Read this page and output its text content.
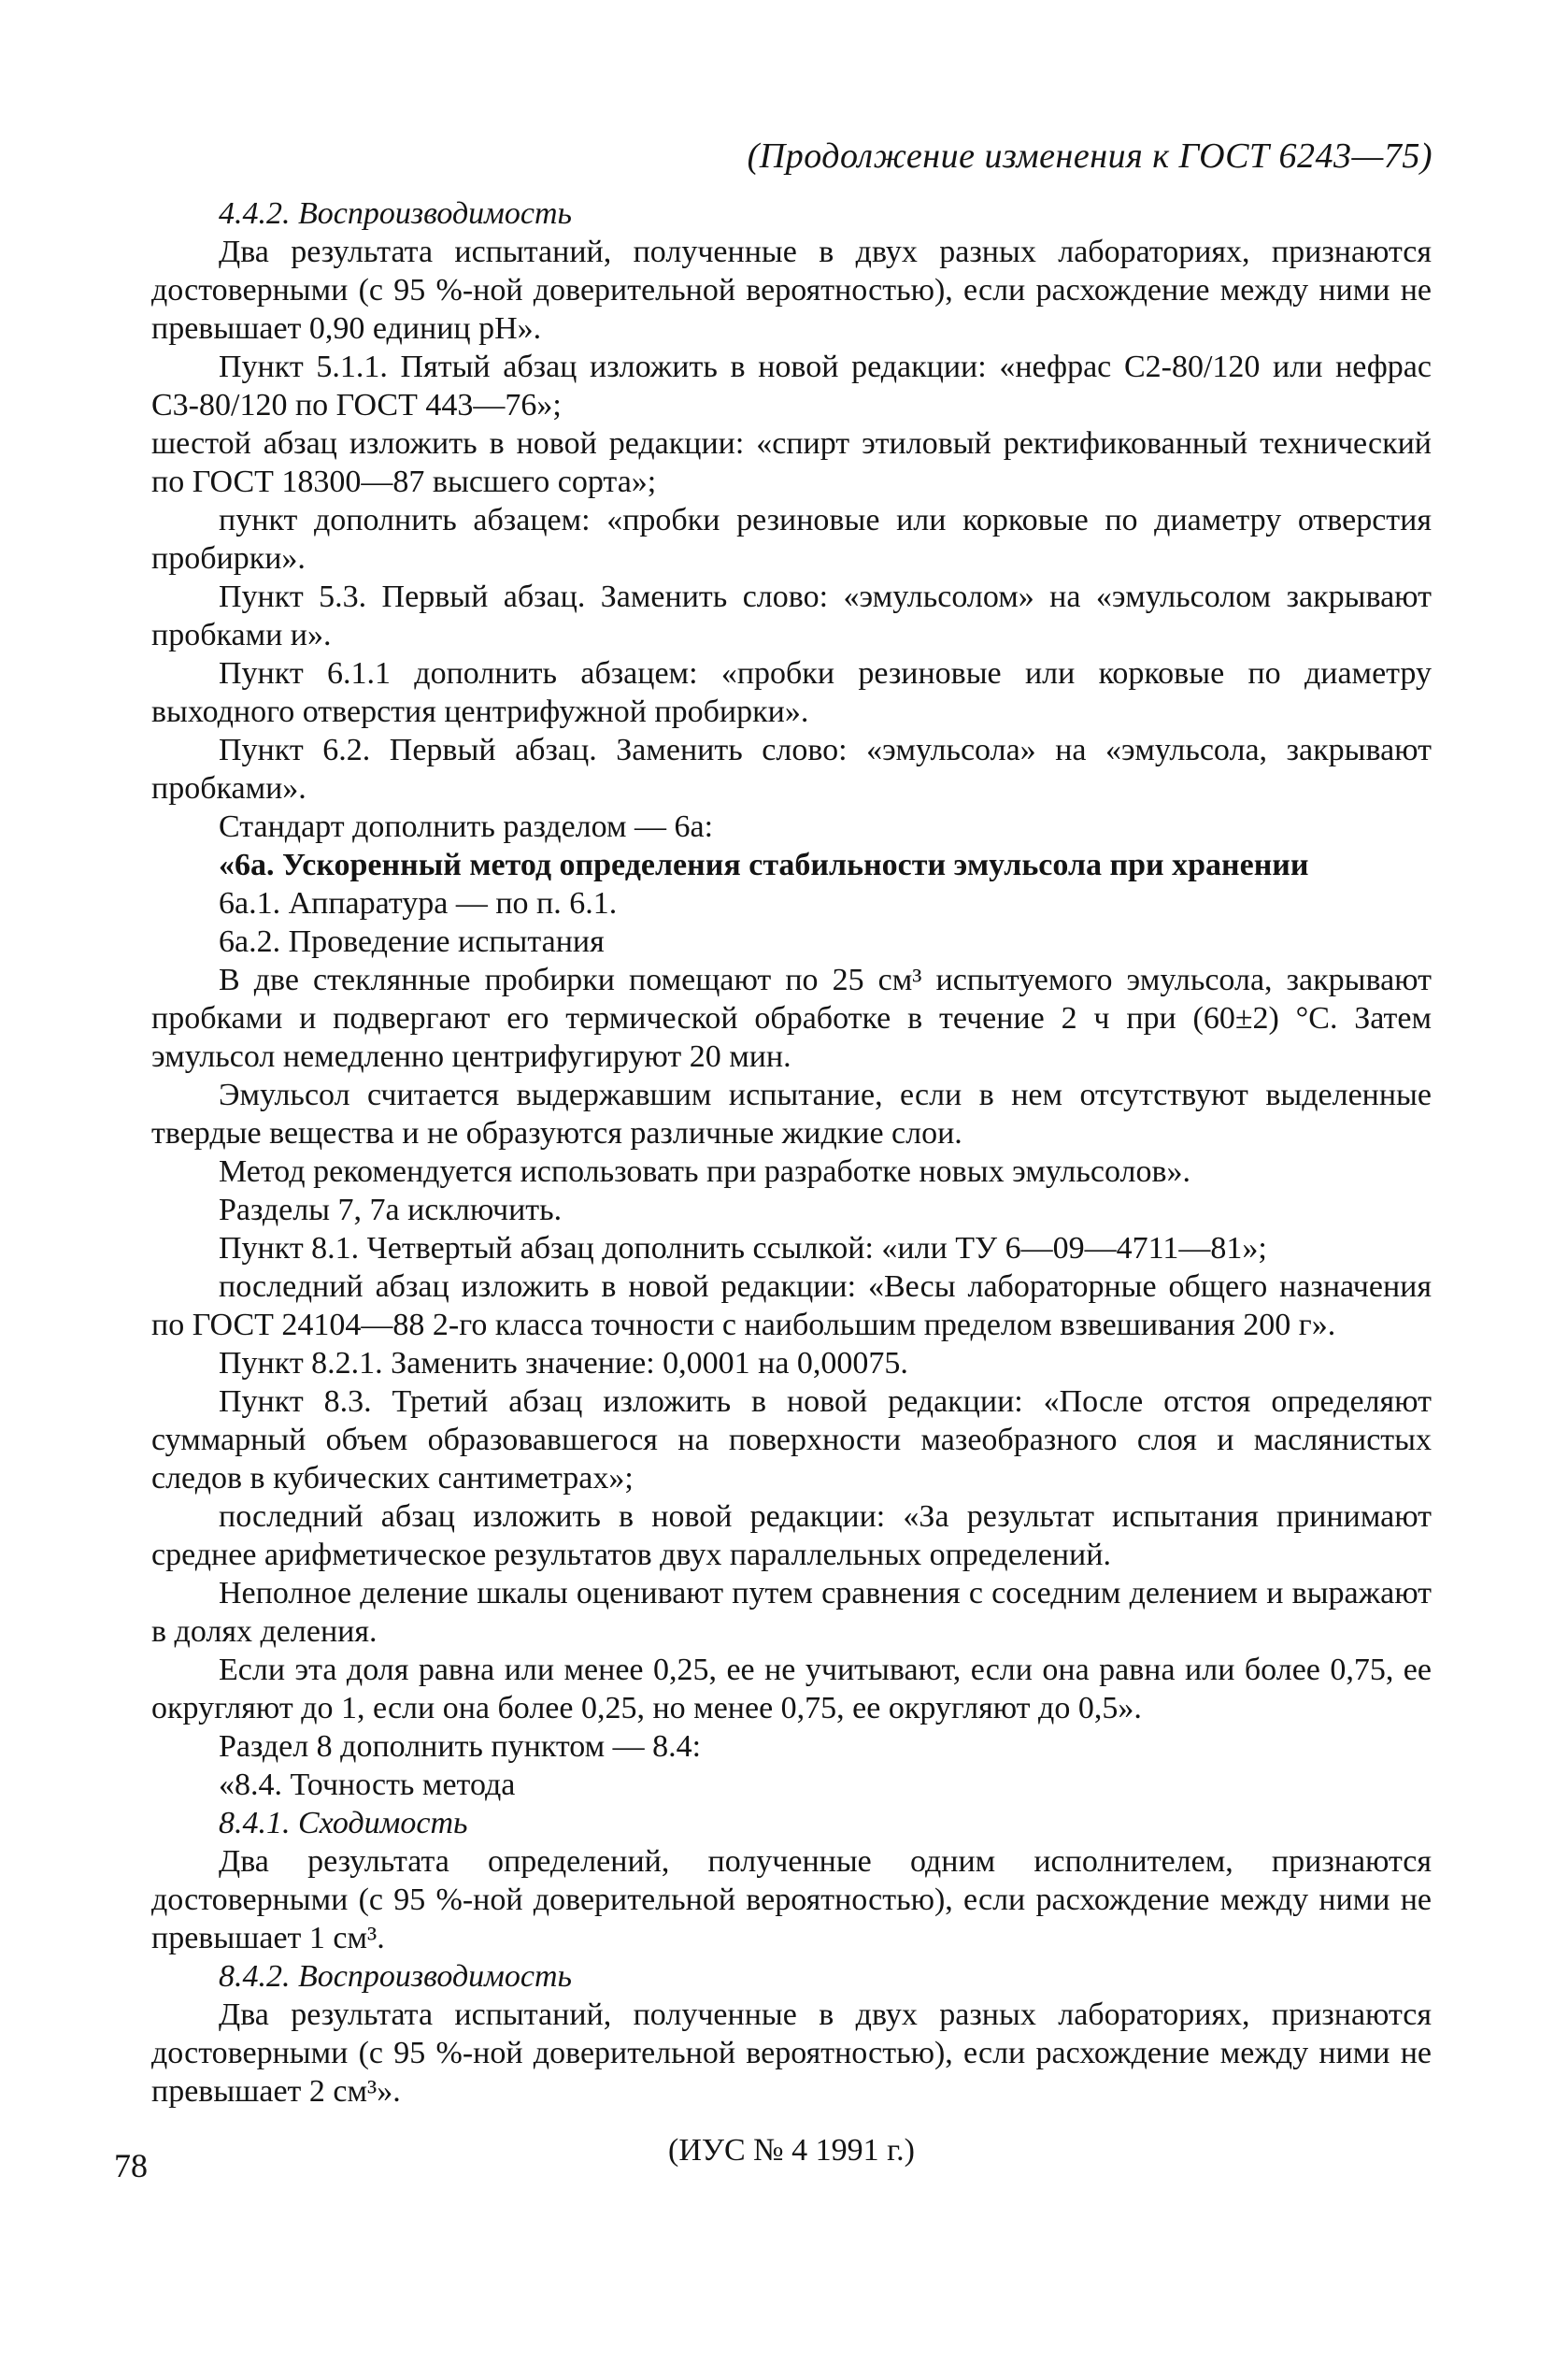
(Продолжение изменения к ГОСТ 6243—75)

4.4.2. Воспроизводимость

Два результата испытаний, полученные в двух разных лабораториях, признаются достоверными (с 95 %-ной доверительной вероятностью), если расхождение между ними не превышает 0,90 единиц рН».

Пункт 5.1.1. Пятый абзац изложить в новой редакции: «нефрас С2-80/120 или нефрас С3-80/120 по ГОСТ 443—76»;

шестой абзац изложить в новой редакции: «спирт этиловый ректификованный технический по ГОСТ 18300—87 высшего сорта»;

пункт дополнить абзацем: «пробки резиновые или корковые по диаметру отверстия пробирки».

Пункт 5.3. Первый абзац. Заменить слово: «эмульсолом» на «эмульсолом закрывают пробками и».

Пункт 6.1.1 дополнить абзацем: «пробки резиновые или корковые по диаметру выходного отверстия центрифужной пробирки».

Пункт 6.2. Первый абзац. Заменить слово: «эмульсола» на «эмульсола, закрывают пробками».

Стандарт дополнить разделом — 6а:

«6а. Ускоренный метод определения стабильности эмульсола при хранении

6а.1. Аппаратура — по п. 6.1.

6а.2. Проведение испытания

В две стеклянные пробирки помещают по 25 см³ испытуемого эмульсола, закрывают пробками и подвергают его термической обработке в течение 2 ч при (60±2) °С. Затем эмульсол немедленно центрифугируют 20 мин.

Эмульсол считается выдержавшим испытание, если в нем отсутствуют выделенные твердые вещества и не образуются различные жидкие слои.

Метод рекомендуется использовать при разработке новых эмульсолов».

Разделы 7, 7а исключить.

Пункт 8.1. Четвертый абзац дополнить ссылкой: «или ТУ 6—09—4711—81»;

последний абзац изложить в новой редакции: «Весы лабораторные общего назначения по ГОСТ 24104—88 2-го класса точности с наибольшим пределом взвешивания 200 г».

Пункт 8.2.1. Заменить значение: 0,0001 на 0,00075.

Пункт 8.3. Третий абзац изложить в новой редакции: «После отстоя определяют суммарный объем образовавшегося на поверхности мазеобразного слоя и маслянистых следов в кубических сантиметрах»;

последний абзац изложить в новой редакции: «За результат испытания принимают среднее арифметическое результатов двух параллельных определений.

Неполное деление шкалы оценивают путем сравнения с соседним делением и выражают в долях деления.

Если эта доля равна или менее 0,25, ее не учитывают, если она равна или более 0,75, ее округляют до 1, если она более 0,25, но менее 0,75, ее округляют до 0,5».

Раздел 8 дополнить пунктом — 8.4:

«8.4. Точность метода

8.4.1. Сходимость

Два результата определений, полученные одним исполнителем, признаются достоверными (с 95 %-ной доверительной вероятностью), если расхождение между ними не превышает 1 см³.

8.4.2. Воспроизводимость

Два результата испытаний, полученные в двух разных лабораториях, признаются достоверными (с 95 %-ной доверительной вероятностью), если расхождение между ними не превышает 2 см³».

(ИУС № 4 1991 г.)

78
